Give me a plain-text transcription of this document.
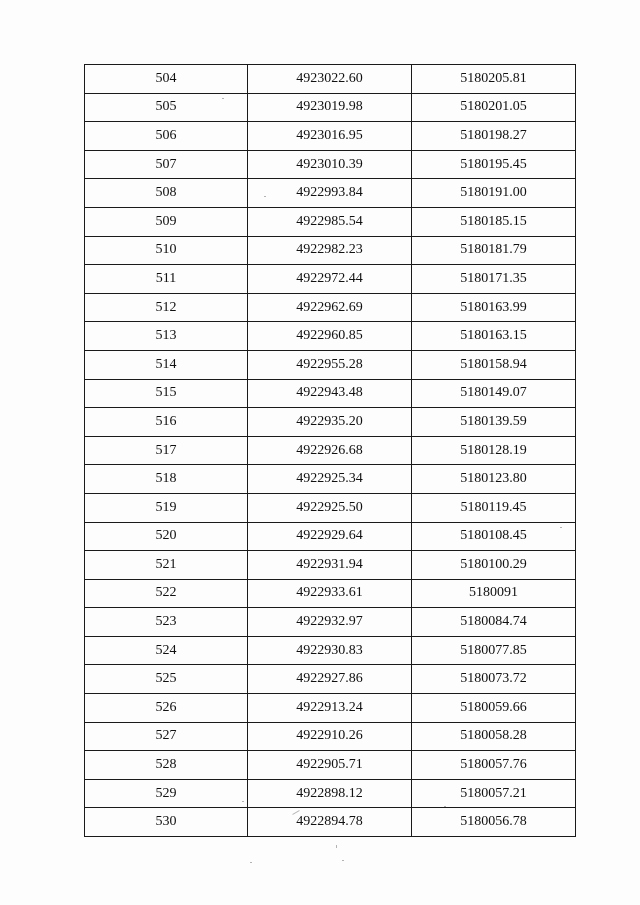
504	4923022.60	5180205.81
505	4923019.98	5180201.05
506	4923016.95	5180198.27
507	4923010.39	5180195.45
508	4922993.84	5180191.00
509	4922985.54	5180185.15
510	4922982.23	5180181.79
511	4922972.44	5180171.35
512	4922962.69	5180163.99
513	4922960.85	5180163.15
514	4922955.28	5180158.94
515	4922943.48	5180149.07
516	4922935.20	5180139.59
517	4922926.68	5180128.19
518	4922925.34	5180123.80
519	4922925.50	5180119.45
520	4922929.64	5180108.45
521	4922931.94	5180100.29
522	4922933.61	5180091
523	4922932.97	5180084.74
524	4922930.83	5180077.85
525	4922927.86	5180073.72
526	4922913.24	5180059.66
527	4922910.26	5180058.28
528	4922905.71	5180057.76
529	4922898.12	5180057.21
530	4922894.78	5180056.78
